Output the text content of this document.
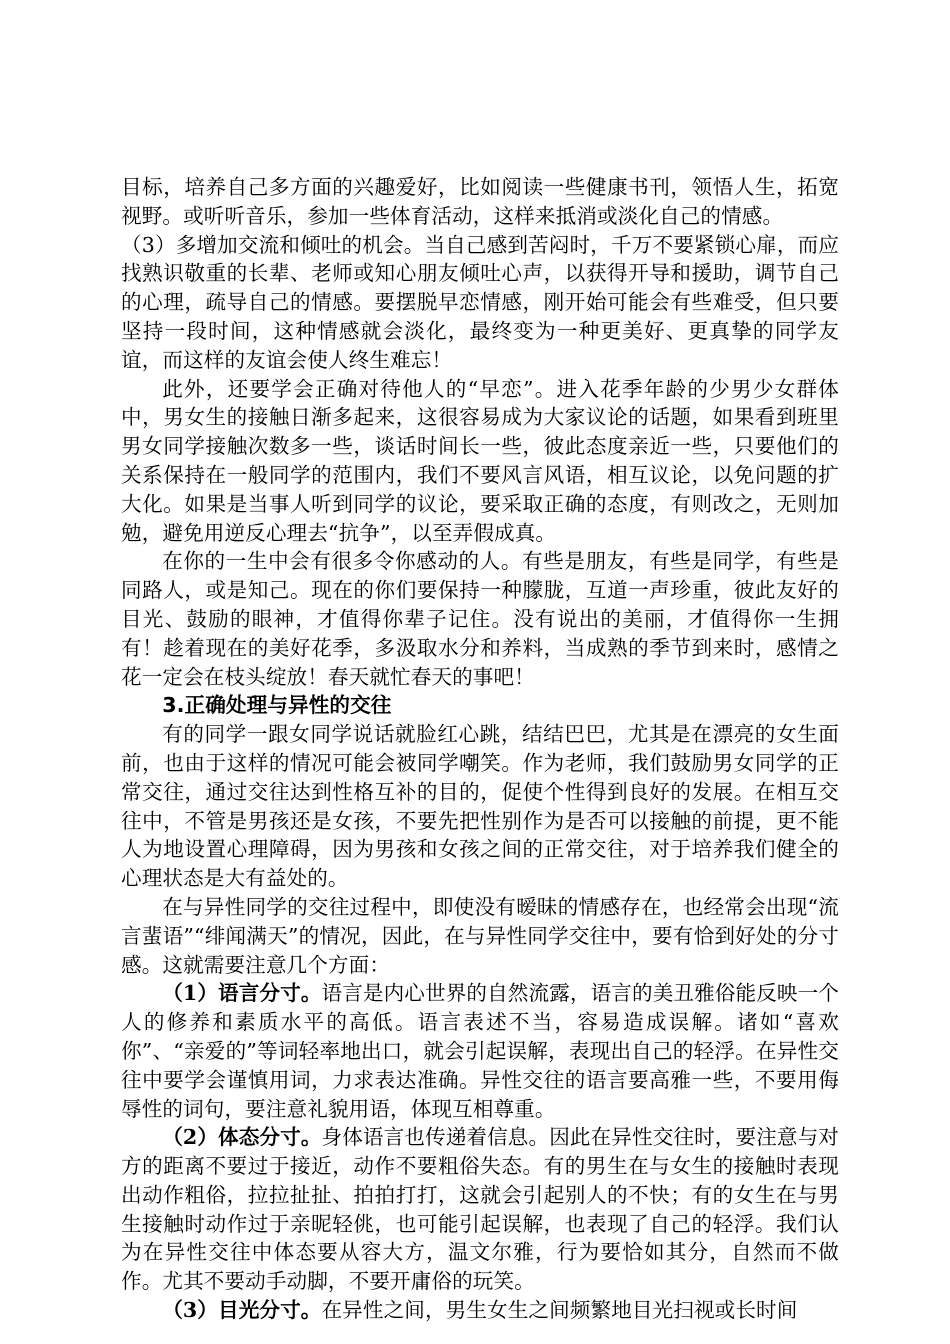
目标，培养自己多方面的兴趣爱好，比如阅读一些健康书刊，领悟人生，拓宽视野。或听听音乐，参加一些体育活动，这样来抵消或淡化自己的情感。

（3）多增加交流和倾吐的机会。当自己感到苦闷时，千万不要紧锁心扉，而应找熟识敬重的长辈、老师或知心朋友倾吐心声，以获得开导和援助，调节自己的心理，疏导自己的情感。要摆脱早恋情感，刚开始可能会有些难受，但只要坚持一段时间，这种情感就会淡化，最终变为一种更美好、更真挚的同学友谊，而这样的友谊会使人终生难忘！

此外，还要学会正确对待他人的“早恋”。进入花季年龄的少男少女群体中，男女生的接触日渐多起来，这很容易成为大家议论的话题，如果看到班里男女同学接触次数多一些，谈话时间长一些，彼此态度亲近一些，只要他们的关系保持在一般同学的范围内，我们不要风言风语，相互议论，以免问题的扩大化。如果是当事人听到同学的议论，要采取正确的态度，有则改之，无则加勉，避免用逆反心理去“抗争”，以至弄假成真。

在你的一生中会有很多令你感动的人。有些是朋友，有些是同学，有些是同路人，或是知己。现在的你们要保持一种朦胧，互道一声珍重，彼此友好的目光、鼓励的眼神，才值得你辈子记住。没有说出的美丽，才值得你一生拥有！趁着现在的美好花季，多汲取水分和养料，当成熟的季节到来时，感情之花一定会在枝头绽放！春天就忙春天的事吧！

3.正确处理与异性的交往

有的同学一跟女同学说话就脸红心跳，结结巴巴，尤其是在漂亮的女生面前，也由于这样的情况可能会被同学嘲笑。作为老师，我们鼓励男女同学的正常交往，通过交往达到性格互补的目的，促使个性得到良好的发展。在相互交往中，不管是男孩还是女孩，不要先把性别作为是否可以接触的前提，更不能人为地设置心理障碍，因为男孩和女孩之间的正常交往，对于培养我们健全的心理状态是大有益处的。

在与异性同学的交往过程中，即使没有暧昧的情感存在，也经常会出现“流言蜚语”“绯闻满天”的情况，因此，在与异性同学交往中，要有恰到好处的分寸感。这就需要注意几个方面：

（1）语言分寸。语言是内心世界的自然流露，语言的美丑雅俗能反映一个人的修养和素质水平的高低。语言表述不当，容易造成误解。诸如“喜欢你”、“亲爱的”等词轻率地出口，就会引起误解，表现出自己的轻浮。在异性交往中要学会谨慎用词，力求表达准确。异性交往的语言要高雅一些，不要用侮辱性的词句，要注意礼貌用语，体现互相尊重。

（2）体态分寸。身体语言也传递着信息。因此在异性交往时，要注意与对方的距离不要过于接近，动作不要粗俗失态。有的男生在与女生的接触时表现出动作粗俗，拉拉扯扯、拍拍打打，这就会引起别人的不快；有的女生在与男生接触时动作过于亲昵轻佻，也可能引起误解，也表现了自己的轻浮。我们认为在异性交往中体态要从容大方，温文尔雅，行为要恰如其分，自然而不做作。尤其不要动手动脚，不要开庸俗的玩笑。

（3）目光分寸。在异性之间，男生女生之间频繁地目光扫视或长时间
